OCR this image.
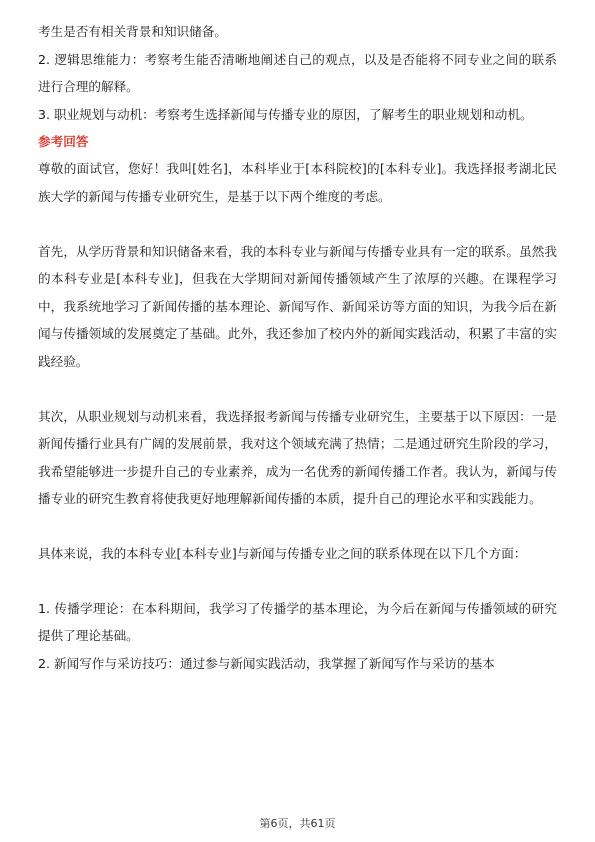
考生是否有相关背景和知识储备。

2. 逻辑思维能力：考察考生能否清晰地阐述自己的观点，以及是否能将不同专业之间的联系进行合理的解释。

3. 职业规划与动机：考察考生选择新闻与传播专业的原因，了解考生的职业规划和动机。

参考回答

尊敬的面试官，您好！我叫[姓名]，本科毕业于[本科院校]的[本科专业]。我选择报考湖北民族大学的新闻与传播专业研究生，是基于以下两个维度的考虑。

首先，从学历背景和知识储备来看，我的本科专业与新闻与传播专业具有一定的联系。虽然我的本科专业是[本科专业]，但我在大学期间对新闻传播领域产生了浓厚的兴趣。在课程学习中，我系统地学习了新闻传播的基本理论、新闻写作、新闻采访等方面的知识，为我今后在新闻与传播领域的发展奠定了基础。此外，我还参加了校内外的新闻实践活动，积累了丰富的实践经验。

其次，从职业规划与动机来看，我选择报考新闻与传播专业研究生，主要基于以下原因：一是新闻传播行业具有广阔的发展前景，我对这个领域充满了热情；二是通过研究生阶段的学习，我希望能够进一步提升自己的专业素养，成为一名优秀的新闻传播工作者。我认为，新闻与传播专业的研究生教育将使我更好地理解新闻传播的本质，提升自己的理论水平和实践能力。

具体来说，我的本科专业[本科专业]与新闻与传播专业之间的联系体现在以下几个方面：

1. 传播学理论：在本科期间，我学习了传播学的基本理论，为今后在新闻与传播领域的研究提供了理论基础。

2. 新闻写作与采访技巧：通过参与新闻实践活动，我掌握了新闻写作与采访的基本

第6页，共61页
